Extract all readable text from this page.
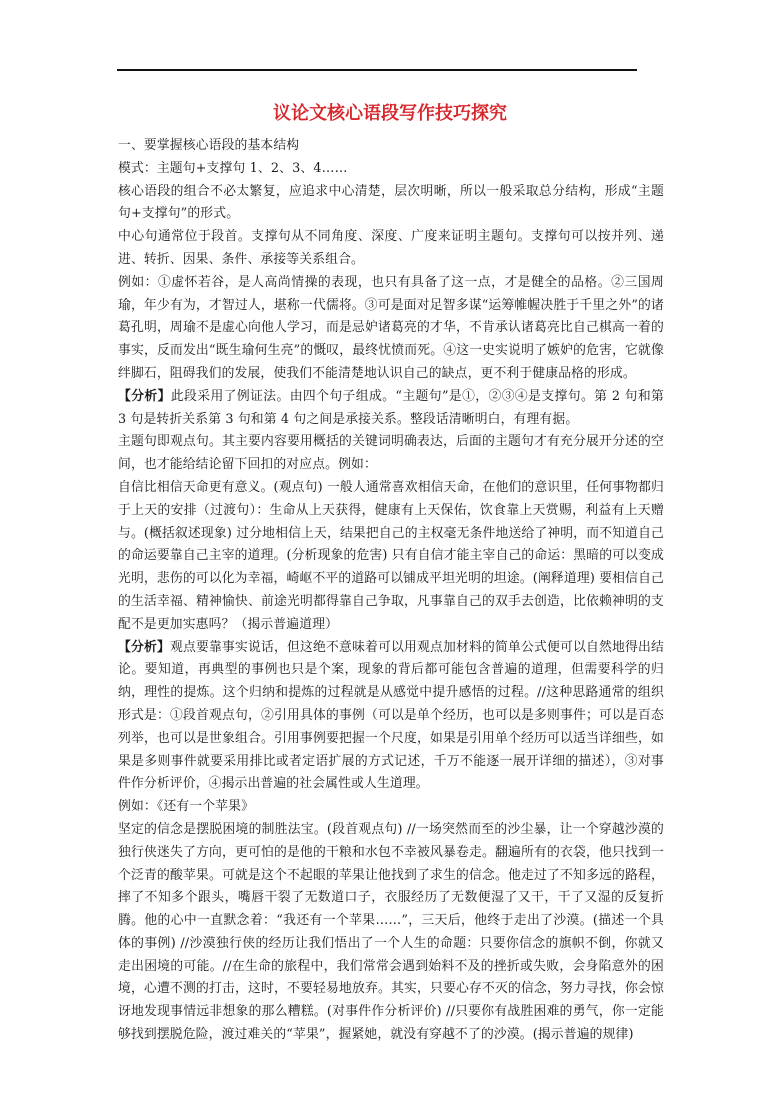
议论文核心语段写作技巧探究

一、要掌握核心语段的基本结构

模式：主题句+支撑句 1、2、3、4……

核心语段的组合不必太繁复，应追求中心清楚，层次明晰，所以一般采取总分结构，形成“主题句+支撑句”的形式。

中心句通常位于段首。支撑句从不同角度、深度、广度来证明主题句。支撑句可以按并列、递进、转折、因果、条件、承接等关系组合。

例如：①虚怀若谷，是人高尚情操的表现，也只有具备了这一点，才是健全的品格。②三国周瑜，年少有为，才智过人，堪称一代儒将。③可是面对足智多谋“运筹帷幄决胜于千里之外”的诸葛孔明，周瑜不是虚心向他人学习，而是忌妒诸葛亮的才华，不肯承认诸葛亮比自己棋高一着的事实，反而发出“既生瑜何生亮”的慨叹，最终忧愤而死。④这一史实说明了嫉妒的危害，它就像绊脚石，阻碍我们的发展，使我们不能清楚地认识自己的缺点，更不利于健康品格的形成。

【分析】此段采用了例证法。由四个句子组成。“主题句”是①，②③④是支撑句。第 2 句和第 3 句是转折关系第 3 句和第 4 句之间是承接关系。整段话清晰明白，有理有据。

主题句即观点句。其主要内容要用概括的关键词明确表达，后面的主题句才有充分展开分述的空间，也才能给结论留下回扣的对应点。例如：

自信比相信天命更有意义。(观点句) 一般人通常喜欢相信天命，在他们的意识里，任何事物都归于上天的安排（过渡句）：生命从上天获得，健康有上天保佑，饮食靠上天赏赐，利益有上天赠与。(概括叙述现象) 过分地相信上天，结果把自己的主权毫无条件地送给了神明，而不知道自己的命运要靠自己主宰的道理。(分析现象的危害) 只有自信才能主宰自己的命运：黑暗的可以变成光明，悲伤的可以化为幸福，崎岖不平的道路可以铺成平坦光明的坦途。(阐释道理) 要相信自己的生活幸福、精神愉快、前途光明都得靠自己争取，凡事靠自己的双手去创造，比依赖神明的支配不是更加实惠吗？（揭示普遍道理）

【分析】观点要靠事实说话，但这绝不意味着可以用观点加材料的简单公式便可以自然地得出结论。要知道，再典型的事例也只是个案，现象的背后都可能包含普遍的道理，但需要科学的归纳，理性的提炼。这个归纳和提炼的过程就是从感觉中提升感悟的过程。//这种思路通常的组织形式是：①段首观点句，②引用具体的事例（可以是单个经历，也可以是多则事件；可以是百态列举，也可以是世象组合。引用事例要把握一个尺度，如果是引用单个经历可以适当详细些，如果是多则事件就要采用排比或者定语扩展的方式记述，千万不能逐一展开详细的描述），③对事件作分析评价，④揭示出普遍的社会属性或人生道理。

例如：《还有一个苹果》

坚定的信念是摆脱困境的制胜法宝。(段首观点句) //一场突然而至的沙尘暴，让一个穿越沙漠的独行侠迷失了方向，更可怕的是他的干粮和水包不幸被风暴卷走。翻遍所有的衣袋，他只找到一个泛青的酸苹果。可就是这个不起眼的苹果让他找到了求生的信念。他走过了不知多远的路程，摔了不知多个跟头，嘴唇干裂了无数道口子，衣服经历了无数便湿了又干，干了又湿的反复折腾。他的心中一直默念着：“我还有一个苹果……”，三天后，他终于走出了沙漠。(描述一个具体的事例) //沙漠独行侠的经历让我们悟出了一个人生的命题：只要你信念的旗帜不倒，你就又走出困境的可能。//在生命的旅程中，我们常常会遇到始料不及的挫折或失败，会身陷意外的困境，心遭不测的打击，这时，不要轻易地放弃。其实，只要心存不灭的信念，努力寻找，你会惊讶地发现事情远非想象的那么糟糕。(对事件作分析评价) //只要你有战胜困难的勇气，你一定能够找到摆脱危险，渡过难关的“苹果”，握紧她，就没有穿越不了的沙漠。(揭示普遍的规律)
